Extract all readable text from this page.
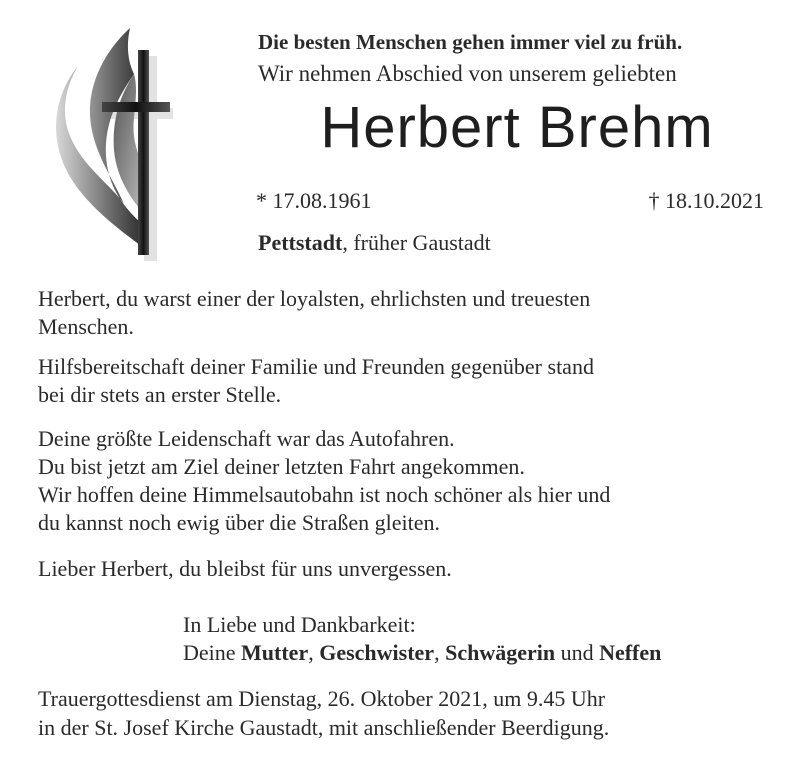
Die besten Menschen gehen immer viel zu früh.
Wir nehmen Abschied von unserem geliebten
Herbert Brehm
* 17.08.1961	† 18.10.2021
Pettstadt, früher Gaustadt
Herbert, du warst einer der loyalsten, ehrlichsten und treuesten
Menschen.
Hilfsbereitschaft deiner Familie und Freunden gegenüber stand
bei dir stets an erster Stelle.
Deine größte Leidenschaft war das Autofahren.
Du bist jetzt am Ziel deiner letzten Fahrt angekommen.
Wir hoffen deine Himmelsautobahn ist noch schöner als hier und
du kannst noch ewig über die Straßen gleiten.
Lieber Herbert, du bleibst für uns unvergessen.
In Liebe und Dankbarkeit:
Deine Mutter, Geschwister, Schwägerin und Neffen
Trauergottesdienst am Dienstag, 26. Oktober 2021, um 9.45 Uhr
in der St. Josef Kirche Gaustadt, mit anschließender Beerdigung.
